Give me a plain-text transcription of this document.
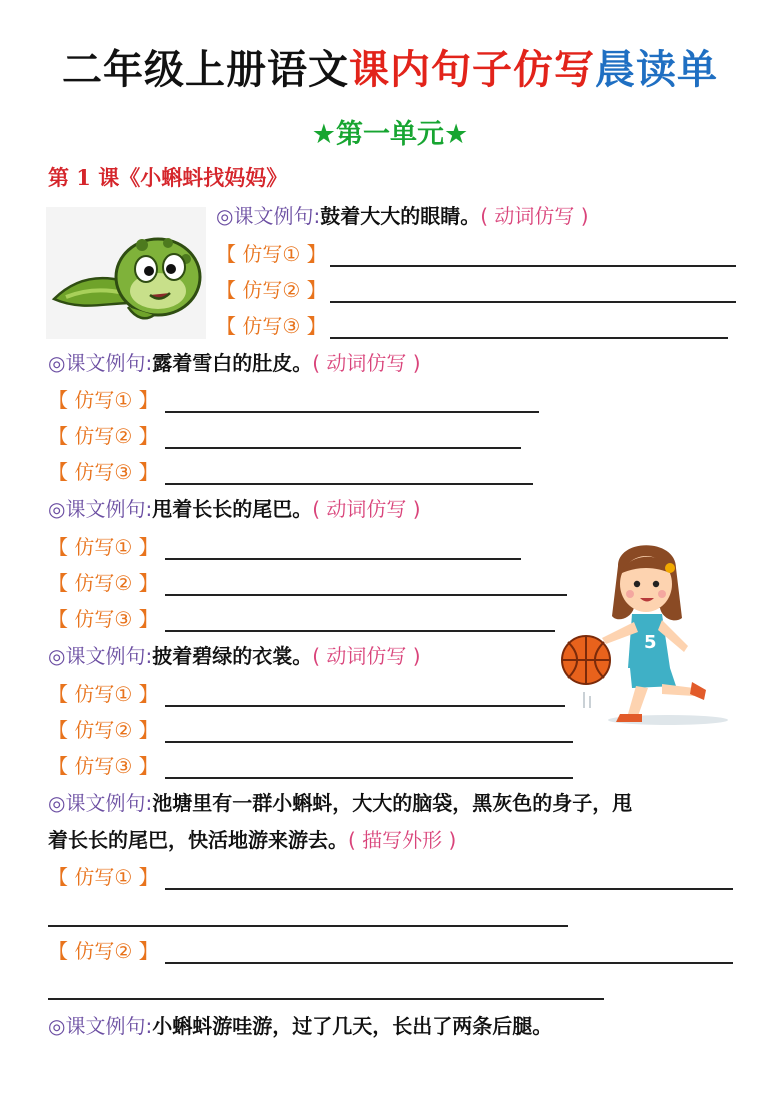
二年级上册语文课内句子仿写晨读单
★第一单元★
第 1 课《小蝌蚪找妈妈》
5
◎课文例句:鼓着大大的眼睛。( 动词仿写 )
【 仿写① 】
【 仿写② 】
【 仿写③ 】
◎课文例句:露着雪白的肚皮。( 动词仿写 )
【 仿写① 】
【 仿写② 】
【 仿写③ 】
◎课文例句:甩着长长的尾巴。( 动词仿写 )
【 仿写① 】
【 仿写② 】
【 仿写③ 】
◎课文例句:披着碧绿的衣裳。( 动词仿写 )
【 仿写① 】
【 仿写② 】
【 仿写③ 】
◎课文例句:池塘里有一群小蝌蚪，大大的脑袋，黑灰色的身子，甩
着长长的尾巴，快活地游来游去。( 描写外形 )
【 仿写① 】
【 仿写② 】
◎课文例句:小蝌蚪游哇游，过了几天，长出了两条后腿。
